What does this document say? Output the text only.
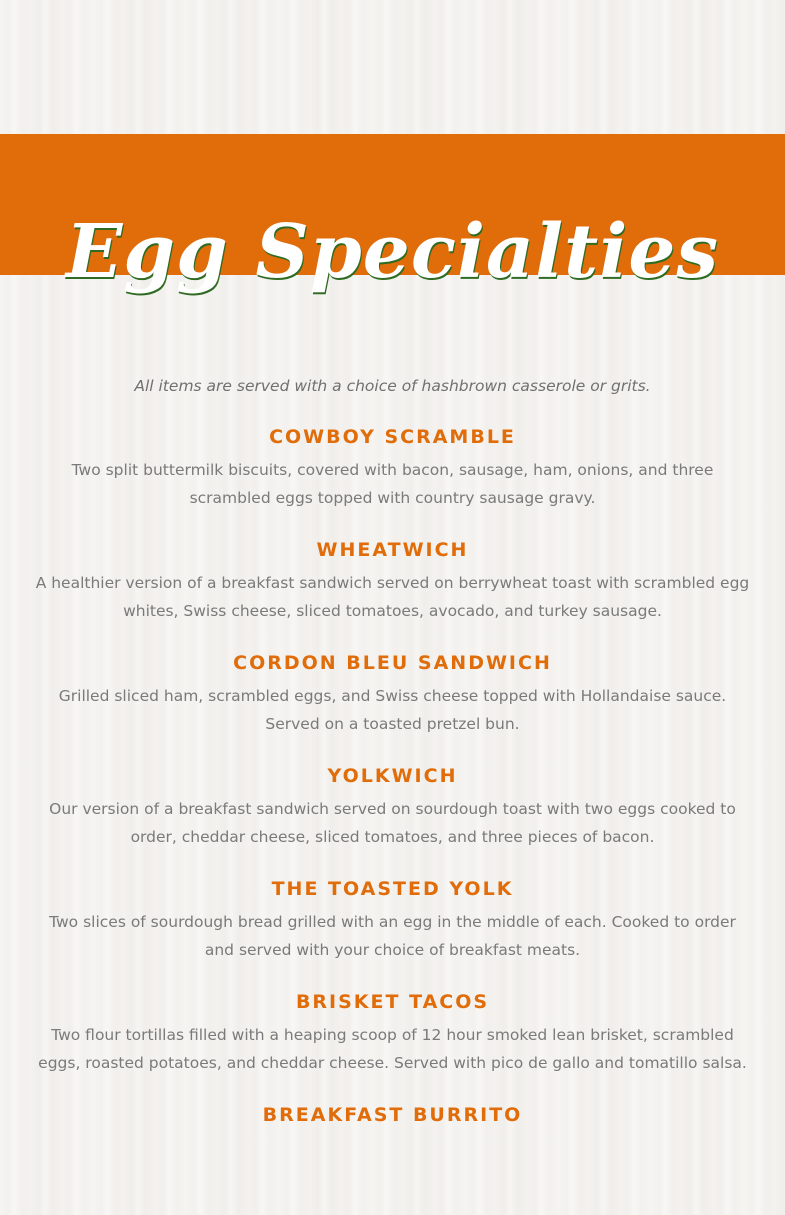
Egg Specialties

All items are served with a choice of hashbrown casserole or grits.

COWBOY SCRAMBLE

Two split buttermilk biscuits, covered with bacon, sausage, ham, onions, and three scrambled eggs topped with country sausage gravy.

WHEATWICH

A healthier version of a breakfast sandwich served on berrywheat toast with scrambled egg whites, Swiss cheese, sliced tomatoes, avocado, and turkey sausage.

CORDON BLEU SANDWICH

Grilled sliced ham, scrambled eggs, and Swiss cheese topped with Hollandaise sauce. Served on a toasted pretzel bun.

YOLKWICH

Our version of a breakfast sandwich served on sourdough toast with two eggs cooked to order, cheddar cheese, sliced tomatoes, and three pieces of bacon.

THE TOASTED YOLK

Two slices of sourdough bread grilled with an egg in the middle of each. Cooked to order and served with your choice of breakfast meats.

BRISKET TACOS

Two flour tortillas filled with a heaping scoop of 12 hour smoked lean brisket, scrambled eggs, roasted potatoes, and cheddar cheese. Served with pico de gallo and tomatillo salsa.

BREAKFAST BURRITO
